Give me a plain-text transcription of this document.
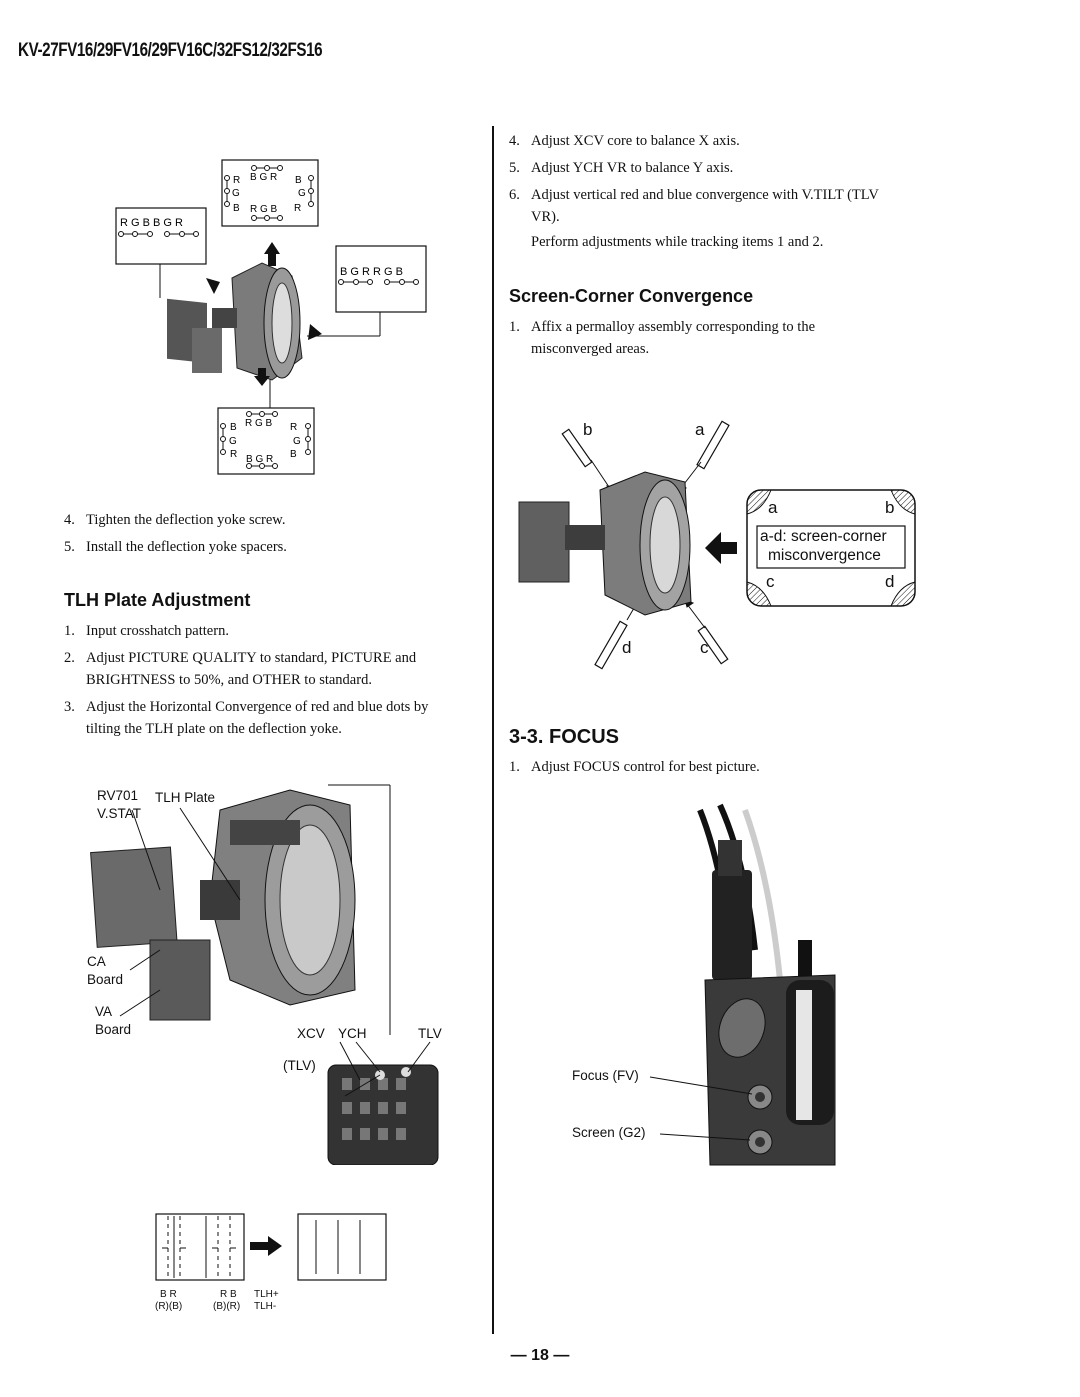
KV-27FV16/29FV16/29FV16C/32FS12/32FS16
R G B B G R
B G R
R	B
G	G
B	R
R G B
B G R R G B
R G B
B	R
G	G
R	B
B G R
4. Tighten the deflection yoke screw.
5. Install the deflection yoke spacers.
TLH Plate Adjustment
1. Input crosshatch pattern.
2. Adjust PICTURE QUALITY to standard, PICTURE and BRIGHTNESS to 50%, and OTHER to standard.
3. Adjust the Horizontal Convergence of red and blue dots by tilting the TLH plate on the deflection yoke.
RV701
V.STAT
TLH Plate
CA
Board
VA
Board	XCV YCH	TLV
(TLV)
B R	R B TLH+
(R)(B)	(B)(R) TLH-
4. Adjust XCV core to balance X axis.
5. Adjust YCH VR to balance Y axis.
6. Adjust vertical red and blue convergence with V.TILT (TLV VR).
Perform adjustments while tracking items 1 and 2.
Screen-Corner Convergence
1. Affix a permalloy assembly corresponding to the misconverged areas.
b	a
d	c
a	b
c	d
a-d: screen-corner
misconvergence
3-3. FOCUS
1. Adjust FOCUS control for best picture.
Focus (FV)
Screen (G2)
— 18 —
